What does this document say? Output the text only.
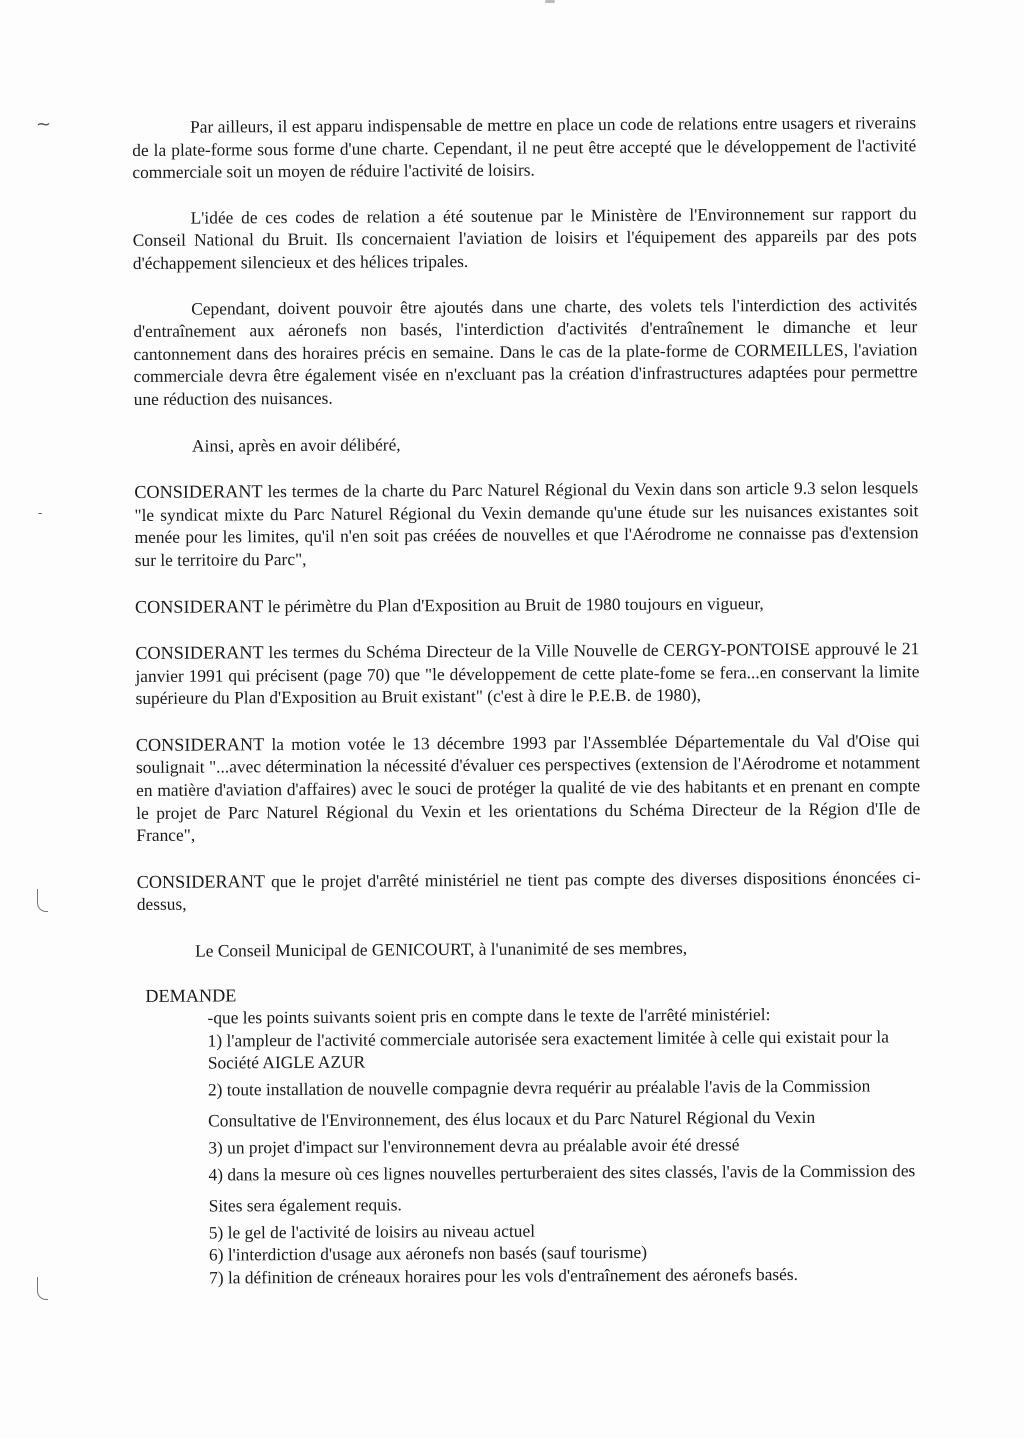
~
-

Par ailleurs, il est apparu indispensable de mettre en place un code de relations entre usagers et riverains de la plate-forme sous forme d'une charte. Cependant, il ne peut être accepté que le développement de l'activité commerciale soit un moyen de réduire l'activité de loisirs.

L'idée de ces codes de relation a été soutenue par le Ministère de l'Environnement sur rapport du Conseil National du Bruit. Ils concernaient l'aviation de loisirs et l'équipement des appareils par des pots d'échappement silencieux et des hélices tripales.

Cependant, doivent pouvoir être ajoutés dans une charte, des volets tels l'interdiction des activités d'entraînement aux aéronefs non basés, l'interdiction d'activités d'entraînement le dimanche et leur cantonnement dans des horaires précis en semaine. Dans le cas de la plate-forme de CORMEILLES, l'aviation commerciale devra être également visée en n'excluant pas la création d'infrastructures adaptées pour permettre une réduction des nuisances.

Ainsi, après en avoir délibéré,

CONSIDERANT les termes de la charte du Parc Naturel Régional du Vexin dans son article 9.3 selon lesquels "le syndicat mixte du Parc Naturel Régional du Vexin demande qu'une étude sur les nuisances existantes soit menée pour les limites, qu'il n'en soit pas créées de nouvelles et que l'Aérodrome ne connaisse pas d'extension sur le territoire du Parc",

CONSIDERANT le périmètre du Plan d'Exposition au Bruit de 1980 toujours en vigueur,

CONSIDERANT les termes du Schéma Directeur de la Ville Nouvelle de CERGY-PONTOISE approuvé le 21 janvier 1991 qui précisent (page 70) que "le développement de cette plate-fome se fera...en conservant la limite supérieure du Plan d'Exposition au Bruit existant" (c'est à dire le P.E.B. de 1980),

CONSIDERANT la motion votée le 13 décembre 1993 par l'Assemblée Départementale du Val d'Oise qui soulignait "...avec détermination la nécessité d'évaluer ces perspectives (extension de l'Aérodrome et notamment en matière d'aviation d'affaires) avec le souci de protéger la qualité de vie des habitants et en prenant en compte le projet de Parc Naturel Régional du Vexin et les orientations du Schéma Directeur de la Région d'Ile de France",

CONSIDERANT que le projet d'arrêté ministériel ne tient pas compte des diverses dispositions énoncées ci-dessus,

Le Conseil Municipal de GENICOURT, à l'unanimité de ses membres,

DEMANDE

-que les points suivants soient pris en compte dans le texte de l'arrêté ministériel:
1) l'ampleur de l'activité commerciale autorisée sera exactement limitée à celle qui existait pour la Société AIGLE AZUR
2) toute installation de nouvelle compagnie devra requérir au préalable l'avis de la Commission Consultative de l'Environnement, des élus locaux et du Parc Naturel Régional du Vexin
3) un projet d'impact sur l'environnement devra au préalable avoir été dressé
4) dans la mesure où ces lignes nouvelles perturberaient des sites classés, l'avis de la Commission des Sites sera également requis.
5) le gel de l'activité de loisirs au niveau actuel
6) l'interdiction d'usage aux aéronefs non basés (sauf tourisme)
7) la définition de créneaux horaires pour les vols d'entraînement des aéronefs basés.
